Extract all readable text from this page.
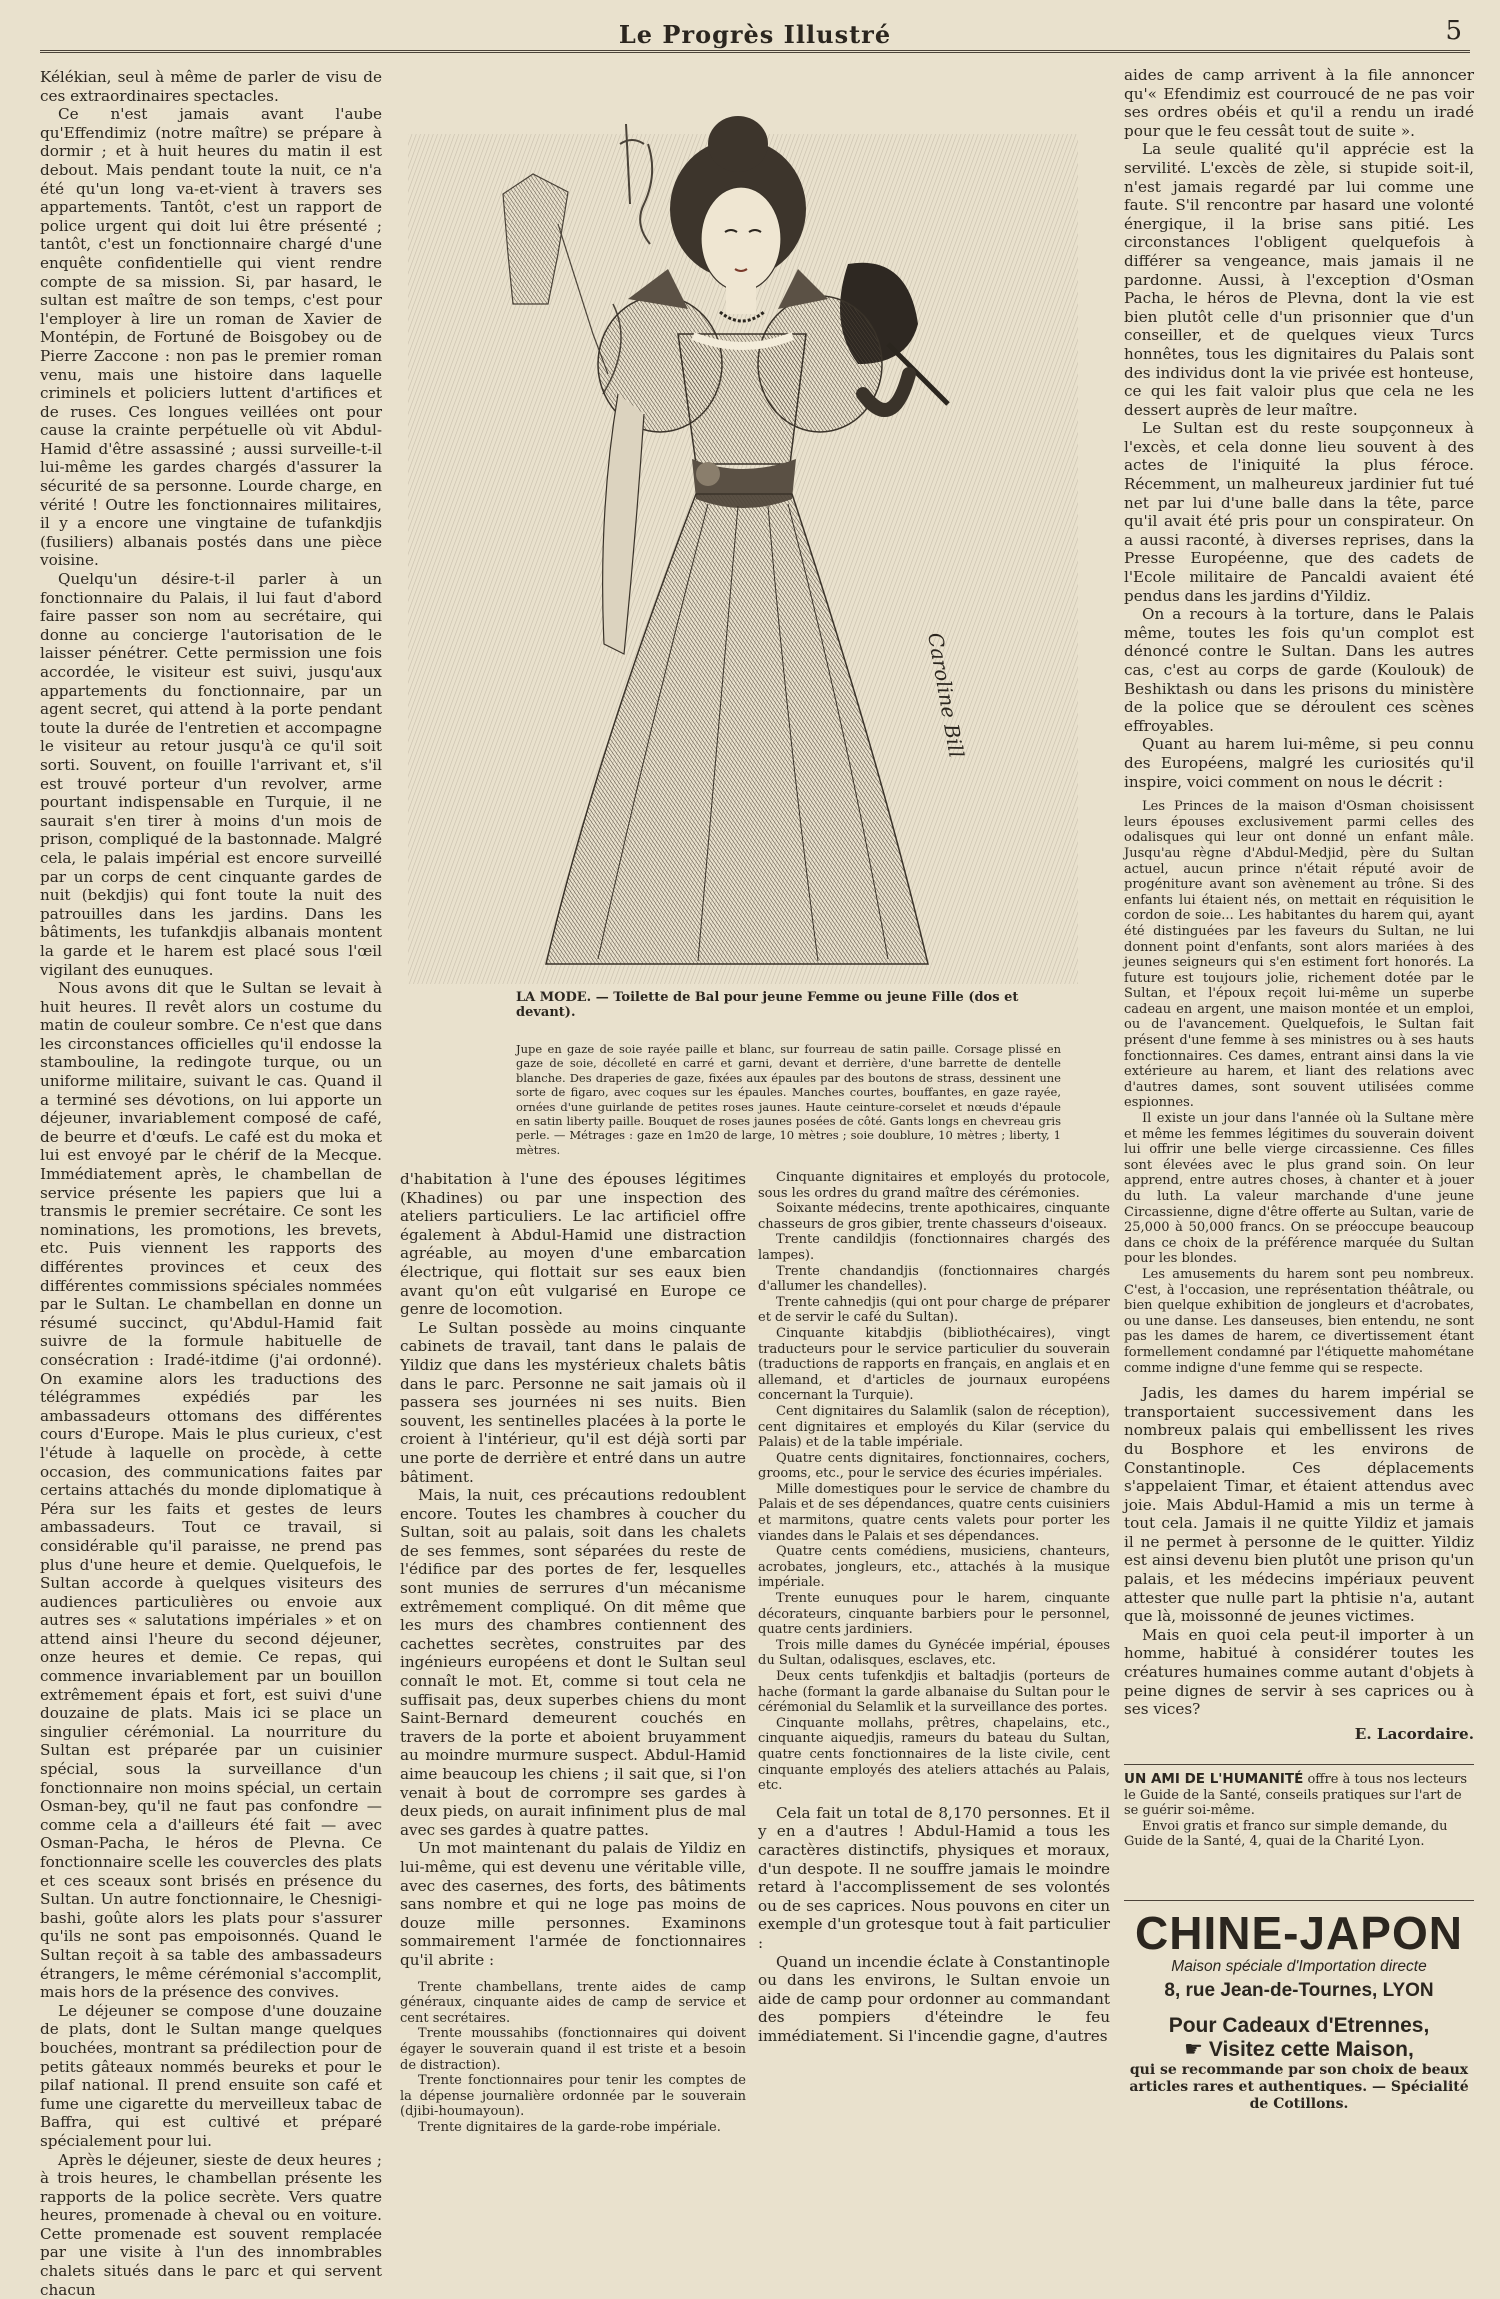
Le Progrès Illustré	5

Kélékian, seul à même de parler de visu de ces extraordinaires spectacles.

Ce n'est jamais avant l'aube qu'Effendimiz (notre maître) se prépare à dormir ; et à huit heures du matin il est debout. Mais pendant toute la nuit, ce n'a été qu'un long va-et-vient à travers ses appartements. Tantôt, c'est un rapport de police urgent qui doit lui être présenté ; tantôt, c'est un fonctionnaire chargé d'une enquête confidentielle qui vient rendre compte de sa mission. Si, par hasard, le sultan est maître de son temps, c'est pour l'employer à lire un roman de Xavier de Montépin, de Fortuné de Boisgobey ou de Pierre Zaccone : non pas le premier roman venu, mais une histoire dans laquelle criminels et policiers luttent d'artifices et de ruses. Ces longues veillées ont pour cause la crainte perpétuelle où vit Abdul-Hamid d'être assassiné ; aussi surveille-t-il lui-même les gardes chargés d'assurer la sécurité de sa personne. Lourde charge, en vérité ! Outre les fonctionnaires militaires, il y a encore une vingtaine de tufankdjis (fusiliers) albanais postés dans une pièce voisine.

Quelqu'un désire-t-il parler à un fonctionnaire du Palais, il lui faut d'abord faire passer son nom au secrétaire, qui donne au concierge l'autorisation de le laisser pénétrer. Cette permission une fois accordée, le visiteur est suivi, jusqu'aux appartements du fonctionnaire, par un agent secret, qui attend à la porte pendant toute la durée de l'entretien et accompagne le visiteur au retour jusqu'à ce qu'il soit sorti. Souvent, on fouille l'arrivant et, s'il est trouvé porteur d'un revolver, arme pourtant indispensable en Turquie, il ne saurait s'en tirer à moins d'un mois de prison, compliqué de la bastonnade. Malgré cela, le palais impérial est encore surveillé par un corps de cent cinquante gardes de nuit (bekdjis) qui font toute la nuit des patrouilles dans les jardins. Dans les bâtiments, les tufankdjis albanais montent la garde et le harem est placé sous l'œil vigilant des eunuques.

Nous avons dit que le Sultan se levait à huit heures. Il revêt alors un costume du matin de couleur sombre. Ce n'est que dans les circonstances officielles qu'il endosse la stambouline, la redingote turque, ou un uniforme militaire, suivant le cas. Quand il a terminé ses dévotions, on lui apporte un déjeuner, invariablement composé de café, de beurre et d'œufs. Le café est du moka et lui est envoyé par le chérif de la Mecque. Immédiatement après, le chambellan de service présente les papiers que lui a transmis le premier secrétaire. Ce sont les nominations, les promotions, les brevets, etc. Puis viennent les rapports des différentes provinces et ceux des différentes commissions spéciales nommées par le Sultan. Le chambellan en donne un résumé succinct, qu'Abdul-Hamid fait suivre de la formule habituelle de consécration : Iradé-itdime (j'ai ordonné). On examine alors les traductions des télégrammes expédiés par les ambassadeurs ottomans des différentes cours d'Europe. Mais le plus curieux, c'est l'étude à laquelle on procède, à cette occasion, des communications faites par certains attachés du monde diplomatique à Péra sur les faits et gestes de leurs ambassadeurs. Tout ce travail, si considérable qu'il paraisse, ne prend pas plus d'une heure et demie. Quelquefois, le Sultan accorde à quelques visiteurs des audiences particulières ou envoie aux autres ses « salutations impériales » et on attend ainsi l'heure du second déjeuner, onze heures et demie. Ce repas, qui commence invariablement par un bouillon extrêmement épais et fort, est suivi d'une douzaine de plats. Mais ici se place un singulier cérémonial. La nourriture du Sultan est préparée par un cuisinier spécial, sous la surveillance d'un fonctionnaire non moins spécial, un certain Osman-bey, qu'il ne faut pas confondre — comme cela a d'ailleurs été fait — avec Osman-Pacha, le héros de Plevna. Ce fonctionnaire scelle les couvercles des plats et ces sceaux sont brisés en présence du Sultan. Un autre fonctionnaire, le Chesnigi-bashi, goûte alors les plats pour s'assurer qu'ils ne sont pas empoisonnés. Quand le Sultan reçoit à sa table des ambassadeurs étrangers, le même cérémonial s'accomplit, mais hors de la présence des convives.

Le déjeuner se compose d'une douzaine de plats, dont le Sultan mange quelques bouchées, montrant sa prédilection pour de petits gâteaux nommés beureks et pour le pilaf national. Il prend ensuite son café et fume une cigarette du merveilleux tabac de Baffra, qui est cultivé et préparé spécialement pour lui.

Après le déjeuner, sieste de deux heures ; à trois heures, le chambellan présente les rapports de la police secrète. Vers quatre heures, promenade à cheval ou en voiture. Cette promenade est souvent remplacée par une visite à l'un des innombrables chalets situés dans le parc et qui servent chacun

Caroline Bill
LA MODE. — Toilette de Bal pour jeune Femme ou jeune Fille (dos et devant).
Jupe en gaze de soie rayée paille et blanc, sur fourreau de satin paille. Corsage plissé en gaze de soie, décolleté en carré et garni, devant et derrière, d'une barrette de dentelle blanche. Des draperies de gaze, fixées aux épaules par des boutons de strass, dessinent une sorte de figaro, avec coques sur les épaules. Manches courtes, bouffantes, en gaze rayée, ornées d'une guirlande de petites roses jaunes. Haute ceinture-corselet et nœuds d'épaule en satin liberty paille. Bouquet de roses jaunes posées de côté. Gants longs en chevreau gris perle. — Métrages : gaze en 1m20 de large, 10 mètres ; soie doublure, 10 mètres ; liberty, 1 mètres.

d'habitation à l'une des épouses légitimes (Khadines) ou par une inspection des ateliers particuliers. Le lac artificiel offre également à Abdul-Hamid une distraction agréable, au moyen d'une embarcation électrique, qui flottait sur ses eaux bien avant qu'on eût vulgarisé en Europe ce genre de locomotion.

Le Sultan possède au moins cinquante cabinets de travail, tant dans le palais de Yildiz que dans les mystérieux chalets bâtis dans le parc. Personne ne sait jamais où il passera ses journées ni ses nuits. Bien souvent, les sentinelles placées à la porte le croient à l'intérieur, qu'il est déjà sorti par une porte de derrière et entré dans un autre bâtiment.

Mais, la nuit, ces précautions redoublent encore. Toutes les chambres à coucher du Sultan, soit au palais, soit dans les chalets de ses femmes, sont séparées du reste de l'édifice par des portes de fer, lesquelles sont munies de serrures d'un mécanisme extrêmement compliqué. On dit même que les murs des chambres contiennent des cachettes secrètes, construites par des ingénieurs européens et dont le Sultan seul connaît le mot. Et, comme si tout cela ne suffisait pas, deux superbes chiens du mont Saint-Bernard demeurent couchés en travers de la porte et aboient bruyamment au moindre murmure suspect. Abdul-Hamid aime beaucoup les chiens ; il sait que, si l'on venait à bout de corrompre ses gardes à deux pieds, on aurait infiniment plus de mal avec ses gardes à quatre pattes.

Un mot maintenant du palais de Yildiz en lui-même, qui est devenu une véritable ville, avec des casernes, des forts, des bâtiments sans nombre et qui ne loge pas moins de douze mille personnes. Examinons sommairement l'armée de fonctionnaires qu'il abrite :

Trente chambellans, trente aides de camp généraux, cinquante aides de camp de service et cent secrétaires.

Trente moussahibs (fonctionnaires qui doivent égayer le souverain quand il est triste et a besoin de distraction).

Trente fonctionnaires pour tenir les comptes de la dépense journalière ordonnée par le souverain (djibi-houmayoun).

Trente dignitaires de la garde-robe impériale.

Cinquante dignitaires et employés du protocole, sous les ordres du grand maître des cérémonies.

Soixante médecins, trente apothicaires, cinquante chasseurs de gros gibier, trente chasseurs d'oiseaux.

Trente candildjis (fonctionnaires chargés des lampes).

Trente chandandjis (fonctionnaires chargés d'allumer les chandelles).

Trente cahnedjis (qui ont pour charge de préparer et de servir le café du Sultan).

Cinquante kitabdjis (bibliothécaires), vingt traducteurs pour le service particulier du souverain (traductions de rapports en français, en anglais et en allemand, et d'articles de journaux européens concernant la Turquie).

Cent dignitaires du Salamlik (salon de réception), cent dignitaires et employés du Kilar (service du Palais) et de la table impériale.

Quatre cents dignitaires, fonctionnaires, cochers, grooms, etc., pour le service des écuries impériales.

Mille domestiques pour le service de chambre du Palais et de ses dépendances, quatre cents cuisiniers et marmitons, quatre cents valets pour porter les viandes dans le Palais et ses dépendances.

Quatre cents comédiens, musiciens, chanteurs, acrobates, jongleurs, etc., attachés à la musique impériale.

Trente eunuques pour le harem, cinquante décorateurs, cinquante barbiers pour le personnel, quatre cents jardiniers.

Trois mille dames du Gynécée impérial, épouses du Sultan, odalisques, esclaves, etc.

Deux cents tufenkdjis et baltadjis (porteurs de hache (formant la garde albanaise du Sultan pour le cérémonial du Selamlik et la surveillance des portes.

Cinquante mollahs, prêtres, chapelains, etc., cinquante aiquedjis, rameurs du bateau du Sultan, quatre cents fonctionnaires de la liste civile, cent cinquante employés des ateliers attachés au Palais, etc.

Cela fait un total de 8,170 personnes. Et il y en a d'autres ! Abdul-Hamid a tous les caractères distinctifs, physiques et moraux, d'un despote. Il ne souffre jamais le moindre retard à l'accomplissement de ses volontés ou de ses caprices. Nous pouvons en citer un exemple d'un grotesque tout à fait particulier :

Quand un incendie éclate à Constantinople ou dans les environs, le Sultan envoie un aide de camp pour ordonner au commandant des pompiers d'éteindre le feu immédiatement. Si l'incendie gagne, d'autres

aides de camp arrivent à la file annoncer qu'« Efendimiz est courroucé de ne pas voir ses ordres obéis et qu'il a rendu un iradé pour que le feu cessât tout de suite ».

La seule qualité qu'il apprécie est la servilité. L'excès de zèle, si stupide soit-il, n'est jamais regardé par lui comme une faute. S'il rencontre par hasard une volonté énergique, il la brise sans pitié. Les circonstances l'obligent quelquefois à différer sa vengeance, mais jamais il ne pardonne. Aussi, à l'exception d'Osman Pacha, le héros de Plevna, dont la vie est bien plutôt celle d'un prisonnier que d'un conseiller, et de quelques vieux Turcs honnêtes, tous les dignitaires du Palais sont des individus dont la vie privée est honteuse, ce qui les fait valoir plus que cela ne les dessert auprès de leur maître.

Le Sultan est du reste soupçonneux à l'excès, et cela donne lieu souvent à des actes de l'iniquité la plus féroce. Récemment, un malheureux jardinier fut tué net par lui d'une balle dans la tête, parce qu'il avait été pris pour un conspirateur. On a aussi raconté, à diverses reprises, dans la Presse Européenne, que des cadets de l'Ecole militaire de Pancaldi avaient été pendus dans les jardins d'Yildiz.

On a recours à la torture, dans le Palais même, toutes les fois qu'un complot est dénoncé contre le Sultan. Dans les autres cas, c'est au corps de garde (Koulouk) de Beshiktash ou dans les prisons du ministère de la police que se déroulent ces scènes effroyables.

Quant au harem lui-même, si peu connu des Européens, malgré les curiosités qu'il inspire, voici comment on nous le décrit :

Les Princes de la maison d'Osman choisissent leurs épouses exclusivement parmi celles des odalisques qui leur ont donné un enfant mâle. Jusqu'au règne d'Abdul-Medjid, père du Sultan actuel, aucun prince n'était réputé avoir de progéniture avant son avènement au trône. Si des enfants lui étaient nés, on mettait en réquisition le cordon de soie... Les habitantes du harem qui, ayant été distinguées par les faveurs du Sultan, ne lui donnent point d'enfants, sont alors mariées à des jeunes seigneurs qui s'en estiment fort honorés. La future est toujours jolie, richement dotée par le Sultan, et l'époux reçoit lui-même un superbe cadeau en argent, une maison montée et un emploi, ou de l'avancement. Quelquefois, le Sultan fait présent d'une femme à ses ministres ou à ses hauts fonctionnaires. Ces dames, entrant ainsi dans la vie extérieure au harem, et liant des relations avec d'autres dames, sont souvent utilisées comme espionnes.

Il existe un jour dans l'année où la Sultane mère et même les femmes légitimes du souverain doivent lui offrir une belle vierge circassienne. Ces filles sont élevées avec le plus grand soin. On leur apprend, entre autres choses, à chanter et à jouer du luth. La valeur marchande d'une jeune Circassienne, digne d'être offerte au Sultan, varie de 25,000 à 50,000 francs. On se préoccupe beaucoup dans ce choix de la préférence marquée du Sultan pour les blondes.

Les amusements du harem sont peu nombreux. C'est, à l'occasion, une représentation théâtrale, ou bien quelque exhibition de jongleurs et d'acrobates, ou une danse. Les danseuses, bien entendu, ne sont pas les dames de harem, ce divertissement étant formellement condamné par l'étiquette mahométane comme indigne d'une femme qui se respecte.

Jadis, les dames du harem impérial se transportaient successivement dans les nombreux palais qui embellissent les rives du Bosphore et les environs de Constantinople. Ces déplacements s'appelaient Timar, et étaient attendus avec joie. Mais Abdul-Hamid a mis un terme à tout cela. Jamais il ne quitte Yildiz et jamais il ne permet à personne de le quitter. Yildiz est ainsi devenu bien plutôt une prison qu'un palais, et les médecins impériaux peuvent attester que nulle part la phtisie n'a, autant que là, moissonné de jeunes victimes.

Mais en quoi cela peut-il importer à un homme, habitué à considérer toutes les créatures humaines comme autant d'objets à peine dignes de servir à ses caprices ou à ses vices?

E. Lacordaire.
UN AMI DE L'HUMANITÉ offre à tous nos lecteurs le Guide de la Santé, conseils pratiques sur l'art de se guérir soi-même.
Envoi gratis et franco sur simple demande, du Guide de la Santé, 4, quai de la Charité Lyon.
CHINE-JAPON
Maison spéciale d'Importation directe
8, rue Jean-de-Tournes, LYON
Pour Cadeaux d'Etrennes,
☛ Visitez cette Maison,
qui se recommande par son choix de beaux articles rares et authentiques. — Spécialité de Cotillons.
